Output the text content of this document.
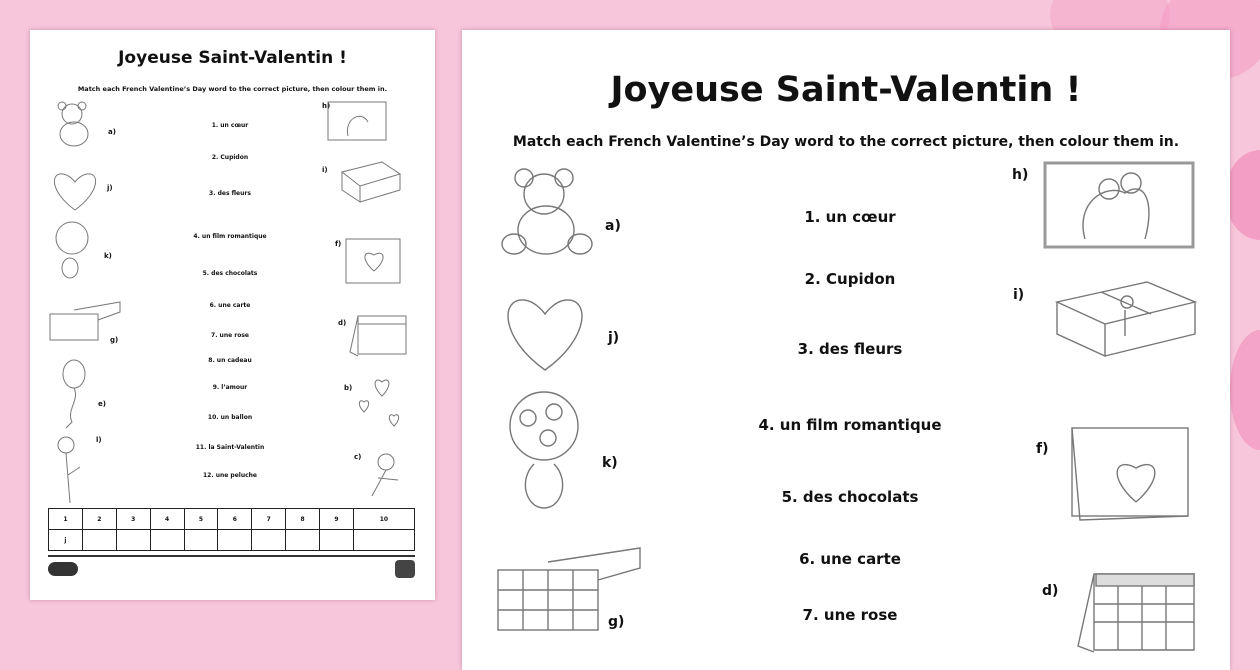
Joyeuse Saint-Valentin !
Match each French Valentine’s Day word to the correct picture, then colour them in.
1. un cœur
2. Cupidon
3. des fleurs
4. un film romantique
5. des chocolats
6. une carte
7. une rose
8. un cadeau
9. l’amour
10. un ballon
11. la Saint-Valentin
12. une peluche
a)
j)
k)
g)
e)
l)
h)
i)
f)
d)
b)
c)
1	2	3	4	5	6	7	8	9	10
j									
Joyeuse Saint-Valentin !
Match each French Valentine’s Day word to the correct picture, then colour them in.
1. un cœur
2. Cupidon
3. des fleurs
4. un film romantique
5. des chocolats
6. une carte
7. une rose
a)
j)
k)
g)
h)
i)
f)
d)
